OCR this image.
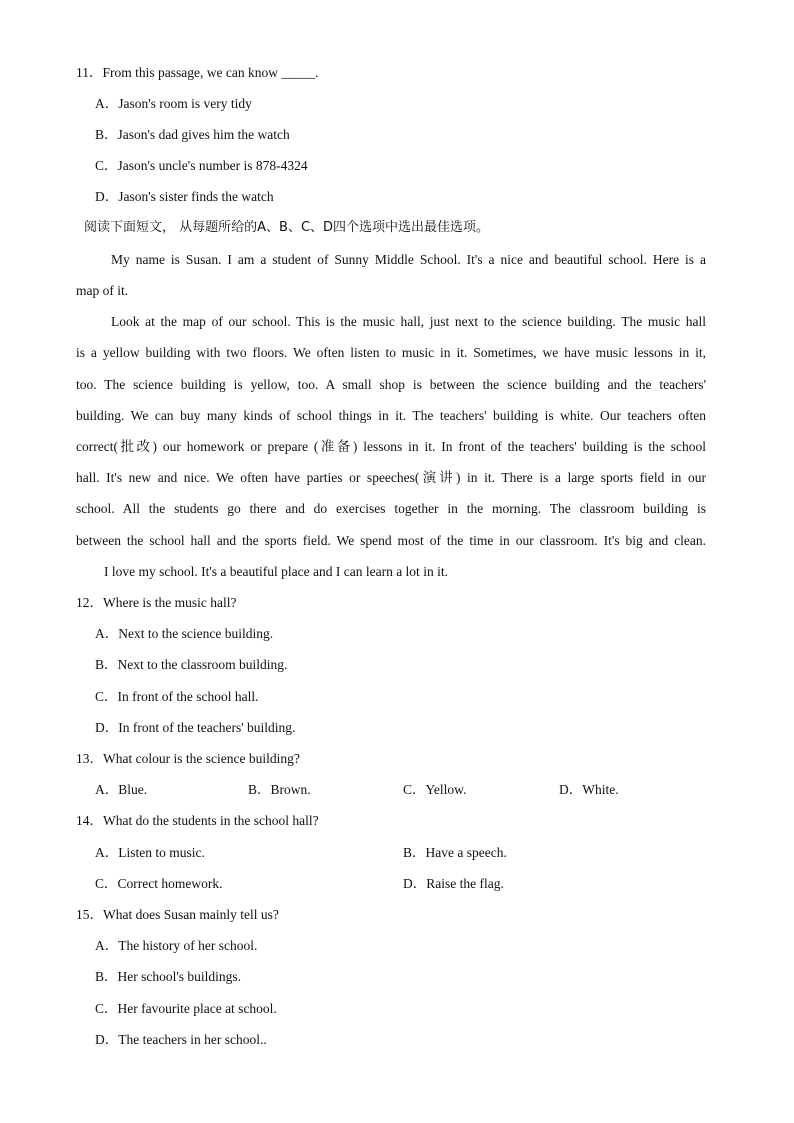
11．From this passage, we can know _____.
A．Jason's room is very tidy
B．Jason's dad gives him the watch
C．Jason's uncle's number is 878-4324
D．Jason's sister finds the watch
阅读下面短文， 从每题所给的A、B、C、D四个选项中选出最佳选项。
My name is Susan. I am a student of Sunny Middle School. It's a nice and beautiful school. Here is a
map of it.
Look at the map of our school. This is the music hall, just next to the science building. The music hall
is a yellow building with two floors. We often listen to music in it. Sometimes, we have music lessons in it,
too. The science building is yellow, too. A small shop is between the science building and the teachers'
building. We can buy many kinds of school things in it. The teachers' building is white. Our teachers often
correct(批改) our homework or prepare (准备) lessons in it. In front of the teachers' building is the school
hall. It's new and nice. We often have parties or speeches(演讲) in it. There is a large sports field in our
school. All the students go there and do exercises together in the morning. The classroom building is
between the school hall and the sports field. We spend most of the time in our classroom. It's big and clean.
I love my school. It's a beautiful place and I can learn a lot in it.
12．Where is the music hall?
A．Next to the science building.
B．Next to the classroom building.
C．In front of the school hall.
D．In front of the teachers' building.
13．What colour is the science building?
A．Blue.	B．Brown.	C．Yellow.	D．White.
14．What do the students in the school hall?
A．Listen to music.	B．Have a speech.
C．Correct homework.	D．Raise the flag.
15．What does Susan mainly tell us?
A．The history of her school.
B．Her school's buildings.
C．Her favourite place at school.
D．The teachers in her school..
